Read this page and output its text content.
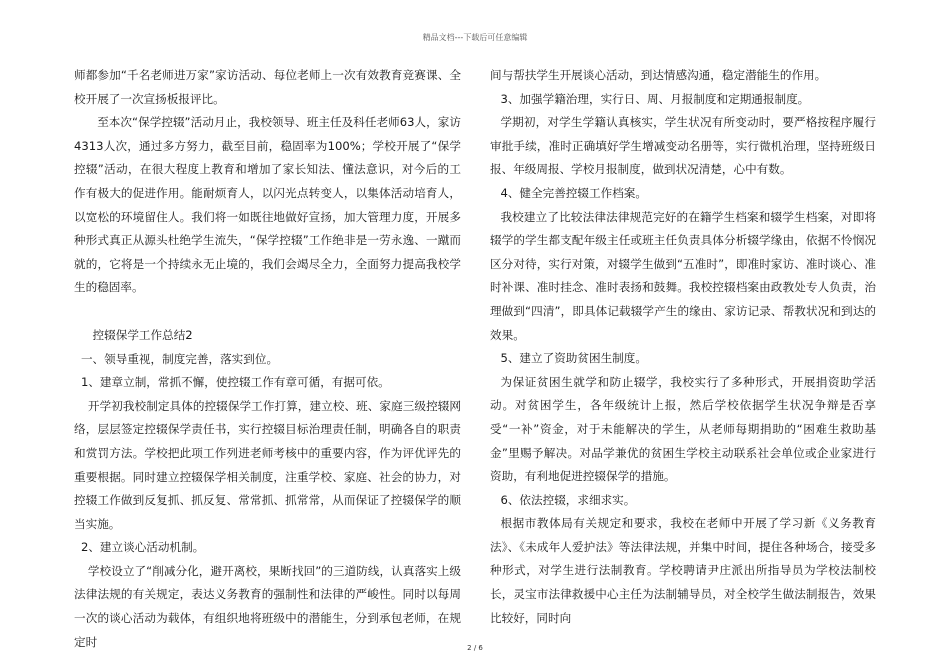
精品文档---下载后可任意编辑

师都参加“千名老师进万家”家访活动、每位老师上一次有效教育竞赛课、全校开展了一次宣扬板报评比。

至本次“保学控辍”活动月止，我校领导、班主任及科任老师63人，家访4313人次，通过多方努力，截至目前，稳固率为100%；学校开展了“保学控辍”活动，在很大程度上教育和增加了家长知法、懂法意识，对今后的工作有极大的促进作用。能耐烦育人，以闪光点转变人，以集体活动培育人，以宽松的环境留住人。我们将一如既往地做好宣扬，加大管理力度，开展多种形式真正从源头杜绝学生流失，“保学控辍”工作绝非是一劳永逸、一蹴而就的，它将是一个持续永无止境的，我们会竭尽全力，全面努力提高我校学生的稳固率。

控辍保学工作总结2

一、领导重视，制度完善，落实到位。

1、建章立制，常抓不懈，使控辍工作有章可循，有据可依。

开学初我校制定具体的控辍保学工作打算，建立校、班、家庭三级控辍网络，层层签定控辍保学责任书，实行控辍目标治理责任制，明确各自的职责和赏罚方法。学校把此项工作列进老师考核中的重要内容，作为评优评先的重要根据。同时建立控辍保学相关制度，注重学校、家庭、社会的协力，对控辍工作做到反复抓、抓反复、常常抓、抓常常，从而保证了控辍保学的顺当实施。

2、建立谈心活动机制。

学校设立了“削减分化，避开离校，果断找回”的三道防线，认真落实上级法律法规的有关规定，表达义务教育的强制性和法律的严峻性。同时以每周一次的谈心活动为载体，有组织地将班级中的潜能生，分到承包老师，在规定时

间与帮扶学生开展谈心活动，到达情感沟通，稳定潜能生的作用。

3、加强学籍治理，实行日、周、月报制度和定期通报制度。

学期初，对学生学籍认真核实，学生状况有所变动时，要严格按程序履行审批手续，准时正确填好学生增减变动名册等，实行微机治理，坚持班级日报、年级周报、学校月报制度，做到状况清楚，心中有数。

4、健全完善控辍工作档案。

我校建立了比较法律法律规范完好的在籍学生档案和辍学生档案，对即将辍学的学生都支配年级主任或班主任负责具体分析辍学缘由，依据不怜悯况区分对待，实行对策，对辍学生做到“五准时”，即准时家访、准时谈心、准时补课、准时挂念、准时表扬和鼓舞。我校控辍档案由政教处专人负责，治理做到“四清”，即具体记载辍学产生的缘由、家访记录、帮教状况和到达的效果。

5、建立了资助贫困生制度。

为保证贫困生就学和防止辍学，我校实行了多种形式，开展捐资助学活动。对贫困学生，各年级统计上报，然后学校依据学生状况争辩是否享受“一补”资金，对于未能解决的学生，从老师每期捐助的“困难生救助基金”里赐予解决。对品学兼优的贫困生学校主动联系社会单位或企业家进行资助，有利地促进控辍保学的措施。

6、依法控辍，求细求实。

根据市教体局有关规定和要求，我校在老师中开展了学习新《义务教育法》、《未成年人爱护法》等法律法规，并集中时间，提住各种场合，接受多种形式，对学生进行法制教育。学校聘请尹庄派出所指导员为学校法制校长，灵宝市法律救援中心主任为法制辅导员，对全校学生做法制报告，效果比较好，同时向

2 / 6
